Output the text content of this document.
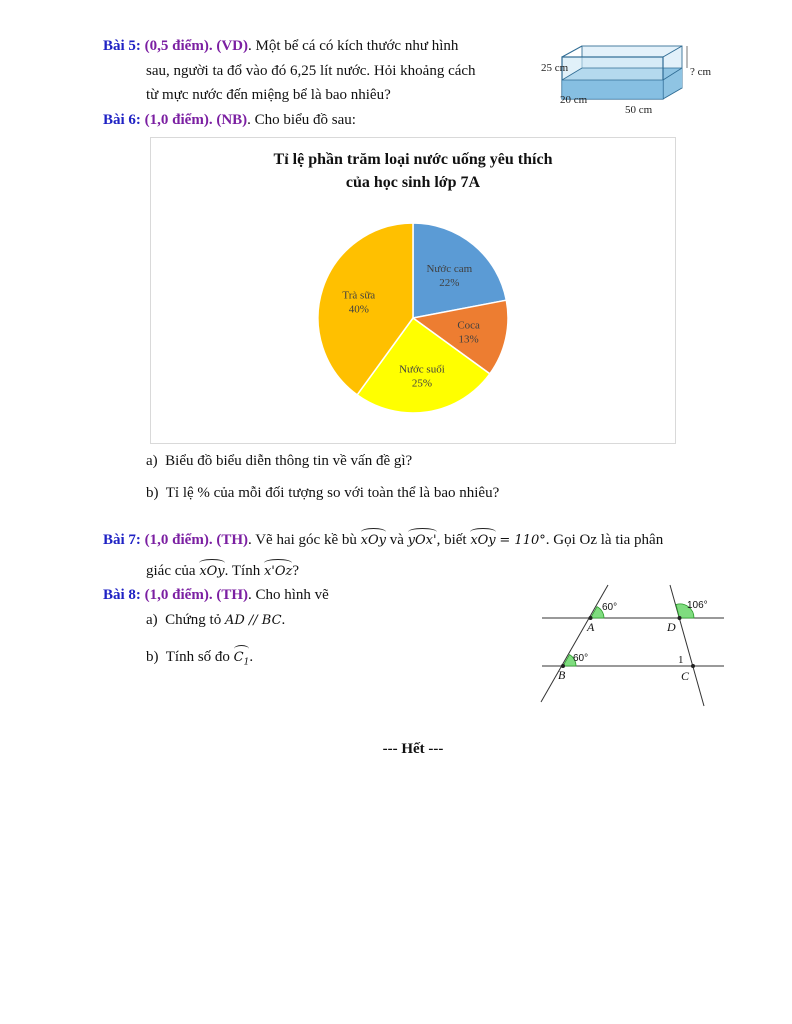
Bài 5: (0,5 điểm). (VD). Một bể cá có kích thước như hình
sau, người ta đổ vào đó 6,25 lít nước. Hỏi khoảng cách
từ mực nước đến miệng bể là bao nhiêu?
? cm
25 cm
20 cm
50 cm
Bài 6: (1,0 điểm). (NB). Cho biểu đồ sau:
Tỉ lệ phần trăm loại nước uống yêu thích
của học sinh lớp 7A
Nước cam
22%
Coca
13%
Nước suối
25%
Trà sữa
40%
a) Biểu đồ biểu diễn thông tin về vấn đề gì?
b) Tỉ lệ % của mỗi đối tượng so với toàn thể là bao nhiêu?
Bài 7: (1,0 điểm). (TH). Vẽ hai góc kề bù xOy và yOx', biết xOy = 110°. Gọi Oz là tia phân
giác của xOy. Tính x'Oz?
Bài 8: (1,0 điểm). (TH). Cho hình vẽ
a) Chứng tỏ AD // BC.
b) Tính số đo $C_1$.
60°
60°
106°
A	D
B	C
1
--- Hết ---
